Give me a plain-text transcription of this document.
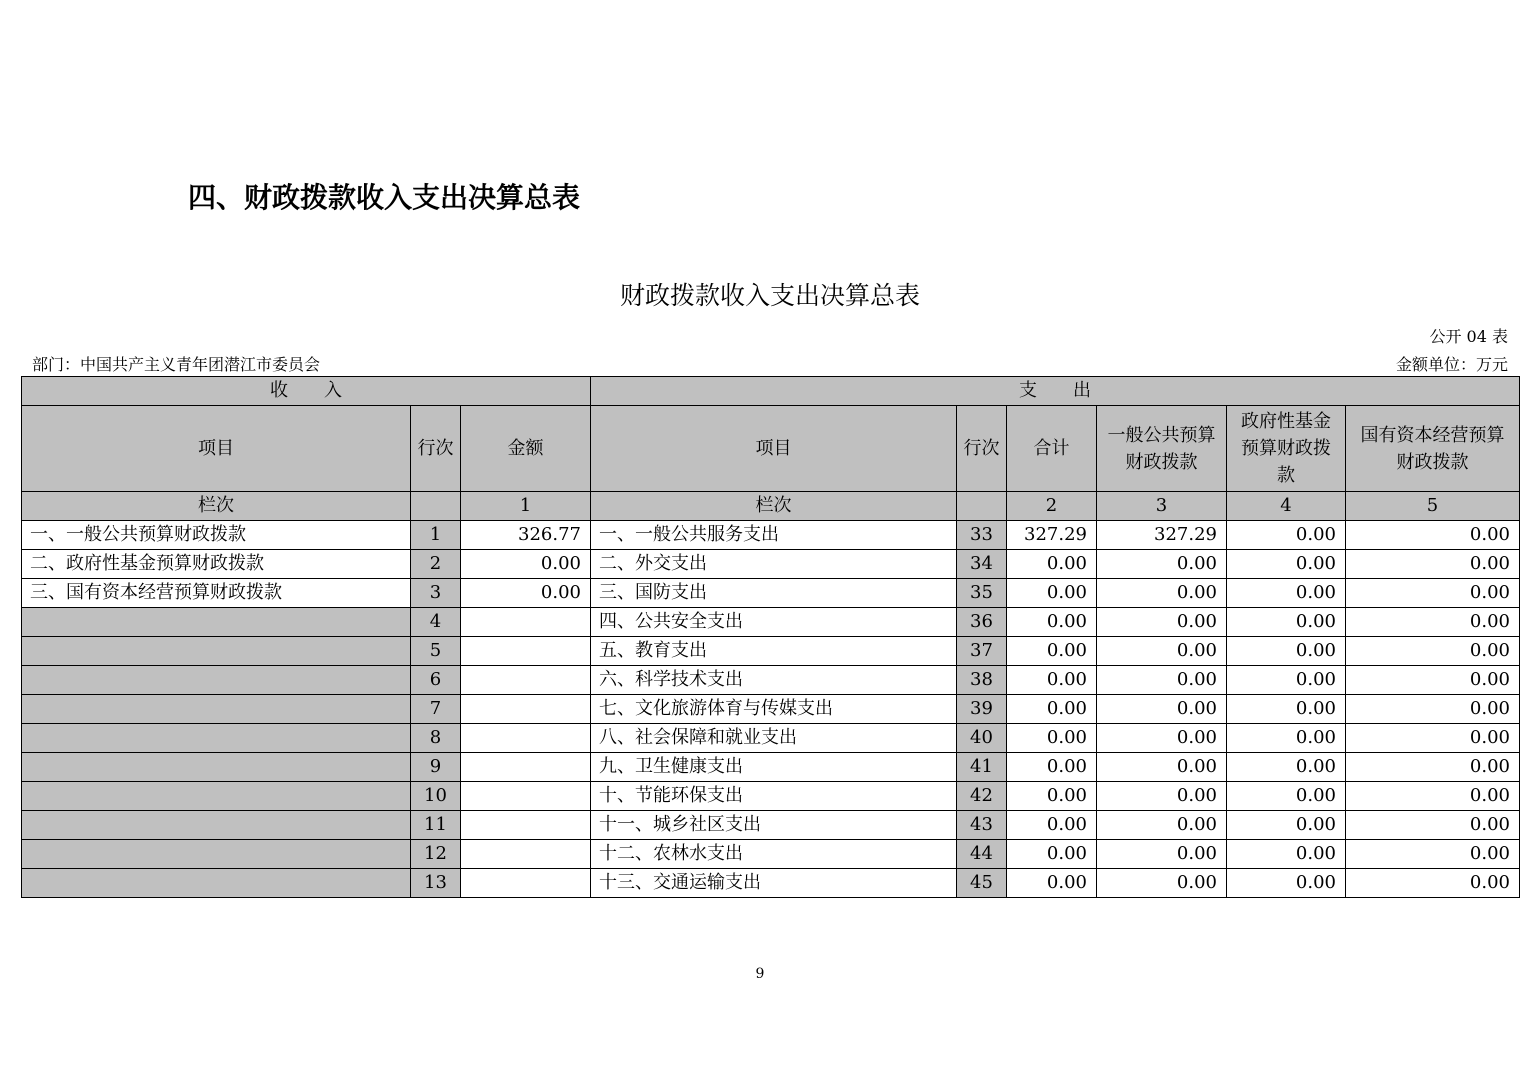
四、财政拨款收入支出决算总表
财政拨款收入支出决算总表
公开 04 表
部门：中国共产主义青年团潜江市委员会	金额单位：万元
收　　入			支　　出					
项目	行次	金额	项目	行次	合计	一般公共预算财政拨款	政府性基金预算财政拨款	国有资本经营预算财政拨款
栏次		1	栏次		2	3	4	5
一、一般公共预算财政拨款	1	326.77	一、一般公共服务支出	33	327.29	327.29	0.00	0.00
二、政府性基金预算财政拨款	2	0.00	二、外交支出	34	0.00	0.00	0.00	0.00
三、国有资本经营预算财政拨款	3	0.00	三、国防支出	35	0.00	0.00	0.00	0.00
	4		四、公共安全支出	36	0.00	0.00	0.00	0.00
	5		五、教育支出	37	0.00	0.00	0.00	0.00
	6		六、科学技术支出	38	0.00	0.00	0.00	0.00
	7		七、文化旅游体育与传媒支出	39	0.00	0.00	0.00	0.00
	8		八、社会保障和就业支出	40	0.00	0.00	0.00	0.00
	9		九、卫生健康支出	41	0.00	0.00	0.00	0.00
	10		十、节能环保支出	42	0.00	0.00	0.00	0.00
	11		十一、城乡社区支出	43	0.00	0.00	0.00	0.00
	12		十二、农林水支出	44	0.00	0.00	0.00	0.00
	13		十三、交通运输支出	45	0.00	0.00	0.00	0.00
9
